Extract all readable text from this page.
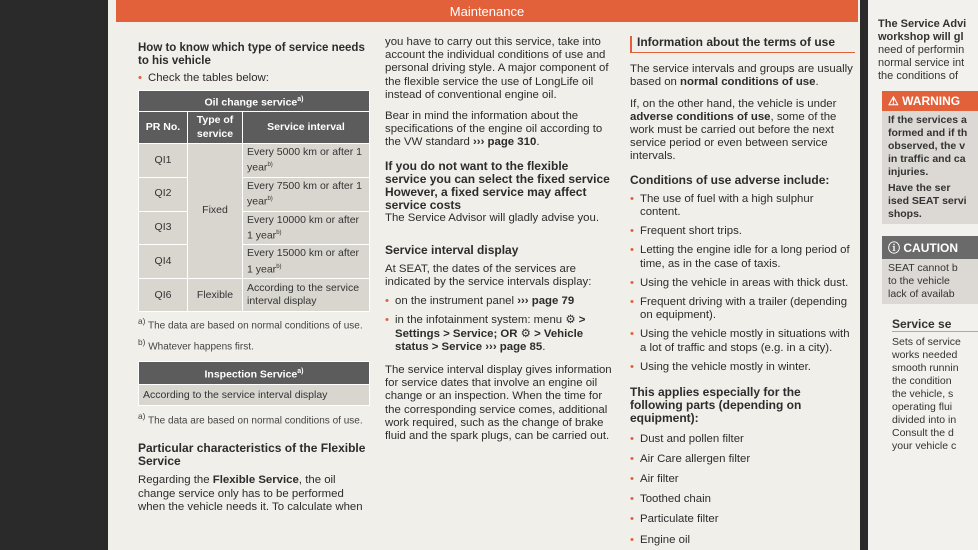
Maintenance
How to know which type of service needs to his vehicle

• Check the tables below:

Oil change service$^{a)}$
PR No.	Type of service	Service interval
QI1	Fixed	Every 5000 km or after 1 year$^{b)}$
QI2		Every 7500 km or after 1 year$^{b)}$
QI3		Every 10000 km or after 1 year$^{b)}$
QI4		Every 15000 km or after 1 year$^{b)}$
QI6	Flexible	According to the service interval display
$^{a)}$ The data are based on normal conditions of use.
$^{b)}$ Whatever happens first.
Inspection Service$^{a)}$
According to the service interval display
$^{a)}$ The data are based on normal conditions of use.
Particular characteristics of the Flexible Service
Regarding the Flexible Service, the oil change service only has to be performed when the vehicle needs it. To calculate when
you have to carry out this service, take into account the individual conditions of use and personal driving style. A major component of the flexible service the use of LongLife oil instead of conventional engine oil.
Bear in mind the information about the specifications of the engine oil according to the VW standard ››› page 310.
If you do not want to the flexible service you can select the fixed service However, a fixed service may affect service costs
The Service Advisor will gladly advise you.
Service interval display
At SEAT, the dates of the services are indicated by the service intervals display:

• on the instrument panel ››› page 79

• in the infotainment system: menu ⚙ > Settings > Service; OR ⚙ > Vehicle status > Service ››› page 85.

The service interval display gives information for service dates that involve an engine oil change or an inspection. When the time for the corresponding service comes, additional work required, such as the change of brake fluid and the spark plugs, can be carried out.
Information about the terms of use
The service intervals and groups are usually based on normal conditions of use.
If, on the other hand, the vehicle is under adverse conditions of use, some of the work must be carried out before the next service period or even between service intervals.
Conditions of use adverse include:

• The use of fuel with a high sulphur content.

• Frequent short trips.

• Letting the engine idle for a long period of time, as in the case of taxis.

• Using the vehicle in areas with thick dust.

• Frequent driving with a trailer (depending on equipment).

• Using the vehicle mostly in situations with a lot of traffic and stops (e.g. in a city).

• Using the vehicle mostly in winter.

This applies especially for the following parts (depending on equipment):

• Dust and pollen filter

• Air Care allergen filter

• Air filter

• Toothed chain

• Particulate filter

• Engine oil

The Service Advi
workshop will gl
need of performin
normal service int
the conditions of
⚠ WARNING
If the services a
formed and if th
observed, the v
in traffic and ca
injuries.
Have the ser
ised SEAT servi
shops.
ⓘ CAUTION
SEAT cannot b
to the vehicle
lack of availab
Service se
Sets of service
works needed
smooth runnin
the condition
the vehicle, s
operating flui
divided into in
Consult the d
your vehicle c
